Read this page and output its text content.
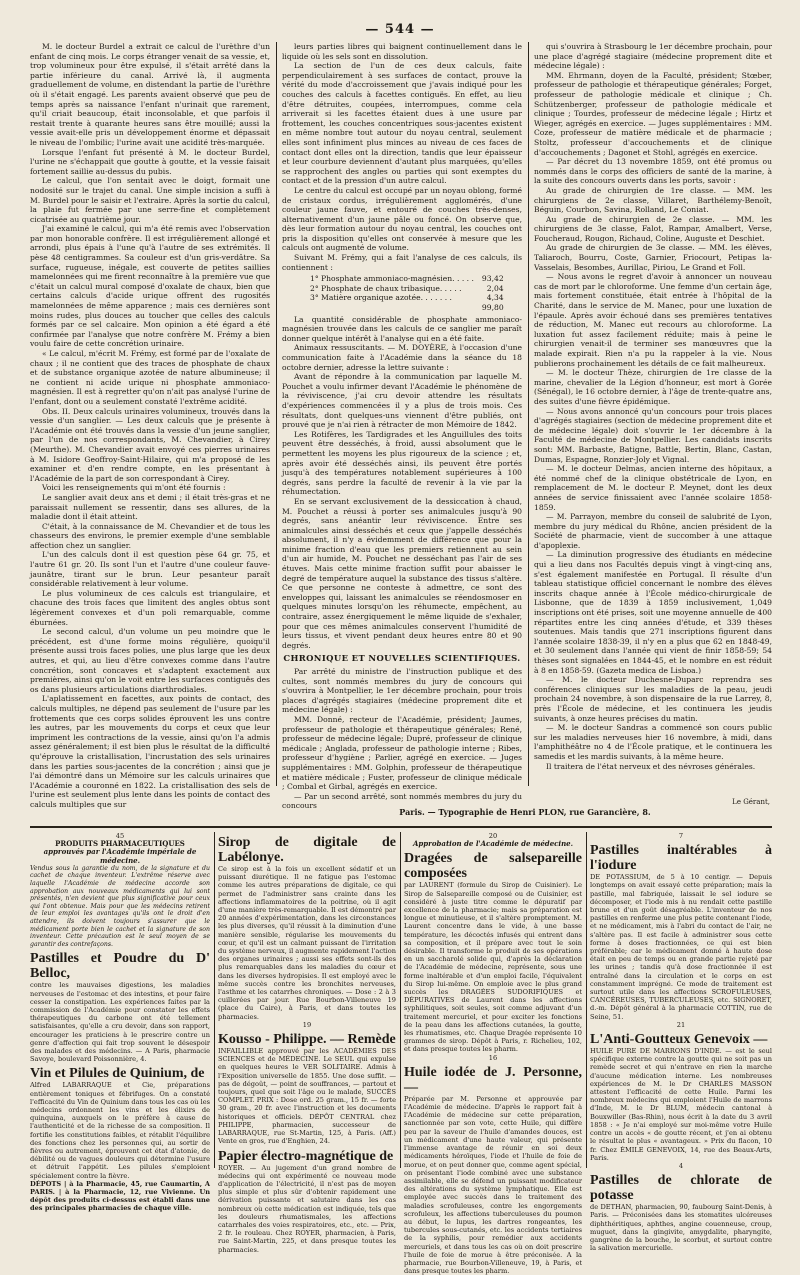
— 544 —

M. le docteur Burdel a extrait ce calcul de l'urèthre d'un enfant de cinq mois. Le corps étranger venait de sa vessie, et, trop volumineux pour être expulsé, il s'était arrêté dans la partie inférieure du canal. Arrivé là, il augmenta graduellement de volume, en distendant la partie de l'urèthre où il s'était engagé. Les parents avaient observé que peu de temps après sa naissance l'enfant n'urinait que rarement, qu'il criait beaucoup, était inconsolable, et que parfois il restait trente à quarante heures sans être mouillé; aussi la vessie avait-elle pris un développement énorme et dépassait le niveau de l'ombilic; l'urine avait une acidité très-marquée.

Lorsque l'enfant fut présenté à M. le docteur Burdel, l'urine ne s'échappait que goutte à goutte, et la vessie faisait fortement saillie au-dessus du pubis.

Le calcul, que l'on sentait avec le doigt, formait une nodosité sur le trajet du canal. Une simple incision a suffi à M. Burdel pour le saisir et l'extraire. Après la sortie du calcul, la plaie fut fermée par une serre-fine et complètement cicatrisée au quatrième jour.

J'ai examiné le calcul, qui m'a été remis avec l'observation par mon honorable confrère. Il est irrégulièrement allongé et arrondi, plus épais à l'une qu'à l'autre de ses extrémités. Il pèse 48 centigrammes. Sa couleur est d'un gris-verdâtre. Sa surface, rugueuse, inégale, est couverte de petites saillies mamelonnées qui me firent reconnaître à la première vue que c'était un calcul mural composé d'oxalate de chaux, bien que certains calculs d'acide urique offrent des rugosités mamelonnées de même apparence ; mais ces dernières sont moins rudes, plus douces au toucher que celles des calculs formés par ce sel calcaire. Mon opinion a été égard a été confirmée par l'analyse que notre confrère M. Frémy a bien voulu faire de cette concrétion urinaire.

« Le calcul, m'écrit M. Frémy, est formé par de l'oxalate de chaux ; il ne contient que des traces de phosphate de chaux et de substance organique azotée de nature albumineuse; il ne contient ni acide urique ni phosphate ammoniaco-magnésien. Il est à regretter qu'on n'ait pas analysé l'urine de l'enfant, dont ou a seulement constaté l'extrême acidité.

Obs. II. Deux calculs urinaires volumineux, trouvés dans la vessie d'un sanglier. — Les deux calculs que je présente à l'Académie ont été trouvés dans la vessie d'un jeune sanglier, par l'un de nos correspondants, M. Chevandier, à Cirey (Meurthe). M. Chevandier avait envoyé ces pierres urinaires à M. Isidore Geoffroy-Saint-Hilaire, qui m'a proposé de les examiner et d'en rendre compte, en les présentant à l'Académie de la part de son correspondant à Cirey.

Voici les renseignements qui m'ont été fournis :

Le sanglier avait deux ans et demi ; il était très-gras et ne paraissait nullement se ressentir, dans ses allures, de la maladie dont il était atteint.

C'était, à la connaissance de M. Chevandier et de tous les chasseurs des environs, le premier exemple d'une semblable affection chez un sanglier.

L'un des calculs dont il est question pèse 64 gr. 75, et l'autre 61 gr. 20. Ils sont l'un et l'autre d'une couleur fauve-jaunâtre, tirant sur le brun. Leur pesanteur paraît considérable relativement à leur volume.

Le plus volumineux de ces calculs est triangulaire, et chacune des trois faces que limitent des angles obtus sont légèrement convexes et d'un poli remarquable, comme éburnées.

Le second calcul, d'un volume un peu moindre que le précédent, est d'une forme moins régulière, quoiqu'il présente aussi trois faces polies, une plus large que les deux autres, et qui, au lieu d'être convexes comme dans l'autre concrétion, sont concaves et s'adaptent exactement aux premières, ainsi qu'on le voit entre les surfaces contiguës des os dans plusieurs articulations diarthrodiales.

L'aplatissement en facettes, aux points de contact, des calculs multiples, ne dépend pas seulement de l'usure par les frottements que ces corps solides éprouvent les uns contre les autres, par les mouvements du corps et ceux que leur impriment les contractions de la vessie, ainsi qu'on l'a admis assez généralement; il est bien plus le résultat de la difficulté qu'éprouve la cristallisation, l'incrustation des sels urinaires dans les parties sous-jacentes de la concrétion ; ainsi que je l'ai démontré dans un Mémoire sur les calculs urinaires que l'Académie a couronné en 1822. La cristallisation des sels de l'urine est seulement plus lente dans les points de contact des calculs multiples que sur

leurs parties libres qui baignent continuellement dans le liquide où les sels sont en dissolution.

La section de l'un de ces deux calculs, faite perpendiculairement à ses surfaces de contact, prouve la vérité du mode d'accroissement que j'avais indiqué pour les couches des calculs à facettes contiguës. En effet, au lieu d'être détruites, coupées, interrompues, comme cela arriverait si les facettes étaient dues à une usure par frottement, les couches concentriques sous-jacentes existent en même nombre tout autour du noyau central, seulement elles sont infiniment plus minces au niveau de ces faces de contact dont elles ont la direction, tandis que leur épaisseur et leur courbure deviennent d'autant plus marquées, qu'elles se rapprochent des angles ou parties qui sont exemptes du contact et de la pression d'un autre calcul.

Le centre du calcul est occupé par un noyau oblong, formé de cristaux cordus, irrégulièrement agglomérés, d'une couleur jaune fauve, et entouré de couches très-denses, alternativement d'un jaune pâle ou foncé. On observe que, dès leur formation autour du noyau central, les couches ont pris la disposition qu'elles ont conservée à mesure que les calculs ont augmenté de volume.

Suivant M. Frémy, qui a fait l'analyse de ces calculs, ils contiennent :

1° Phosphate ammoniaco-magnésien. . . . .	93,42
2° Phosphate de chaux tribasique. . . . .	2,04
3° Matière organique azotée. . . . . . .	4,34
	99,80

La quantité considérable de phosphate ammoniaco-magnésien trouvée dans les calculs de ce sanglier me paraît donner quelque intérêt à l'analyse qui en a été faite.

Animaux ressuscitants. — M. DOYÈRE, à l'occasion d'une communication faite à l'Académie dans la séance du 18 octobre dernier, adresse la lettre suivante :

Avant de répondre à la communication par laquelle M. Pouchet a voulu infirmer devant l'Académie le phénomène de la réviviscence, j'ai cru devoir attendre les résultats d'expériences commencées il y a plus de trois mois. Ces résultats, dont quelques-uns viennent d'être publiés, ont prouvé que je n'ai rien à rétracter de mon Mémoire de 1842.

Les Rotifères, les Tardigrades et les Anguillules des toits peuvent être desséchés, à froid, aussi absolument que le permettent les moyens les plus rigoureux de la science ; et, après avoir été desséchés ainsi, ils peuvent être portés jusqu'à des températures notablement supérieures à 100 degrés, sans perdre la faculté de revenir à la vie par la réhumectation.

En se servant exclusivement de la dessiccation à chaud, M. Pouchet a réussi à porter ses animalcules jusqu'à 90 degrés, sans anéantir leur réviviscence. Entre ses animalcules ainsi desséchés et ceux que j'appelle desséchés absolument, il n'y a évidemment de différence que pour la minime fraction d'eau que les premiers retiennent au sein d'un air humide, M. Pouchet ne desséchant pas l'air de ses étuves. Mais cette minime fraction suffit pour abaisser le degré de température auquel la substance des tissus s'altère. Ce que personne ne conteste à admettre, ce sont des enveloppes qui, laissant les animalcules se réendosmoser en quelques minutes lorsqu'on les réhumecte, empêchent, au contraire, assez énergiquement le même liquide de s'exhaler, pour que ces mêmes animalcules conservent l'humidité de leurs tissus, et vivent pendant deux heures entre 80 et 90 degrés.

CHRONIQUE ET NOUVELLES SCIENTIFIQUES.

Par arrêté du ministre de l'instruction publique et des cultes, sont nommés membres du jury de concours qui s'ouvrira à Montpellier, le 1er décembre prochain, pour trois places d'agrégés stagiaires (médecine proprement dite et médecine légale) :

MM. Donné, recteur de l'Académie, président; Jaumes, professeur de pathologie et thérapeutique générales; René, professeur de médecine légale; Dupré, professeur de clinique médicale ; Anglada, professeur de pathologie interne ; Ribes, professeur d'hygiène ; Parlier, agrégé en exercice. — Juges supplémentaires : MM. Golphin, professeur de thérapeutique et matière médicale ; Fuster, professeur de clinique médicale ; Combal et Girbal, agrégés en exercice.

— Par un second arrêté, sont nommés membres du jury du concours

qui s'ouvrira à Strasbourg le 1er décembre prochain, pour une place d'agrégé stagiaire (médecine proprement dite et médecine légale) :

MM. Ehrmann, doyen de la Faculté, président; Stœber, professeur de pathologie et thérapeutique générales; Forget, professeur de pathologie médicale et clinique ; Ch. Schützenberger, professeur de pathologie médicale et clinique ; Tourdes, professeur de médecine légale ; Hirtz et Wieger, agrégés en exercice. — Juges supplémentaires : MM. Coze, professeur de matière médicale et de pharmacie ; Stoltz, professeur d'accouchements et de clinique d'accouchements ; Dagonet et Stohl, agrégés en exercice.

— Par décret du 13 novembre 1859, ont été promus ou nommés dans le corps des officiers de santé de la marine, à la suite des concours ouverts dans les ports, savoir :

Au grade de chirurgien de 1re classe. — MM. les chirurgiens de 2e classe, Villaret, Barthélemy-Benoît, Béguin, Courbon, Savina, Rolland, Le Coniat.

Au grade de chirurgien de 2e classe. — MM. les chirurgiens de 3e classe, Falot, Rampar, Amalbert, Verse, Foucheraud, Rougon, Richaud, Coline, Auguste et Deschiet.

Au grade de chirurgien de 3e classe. — MM. les élèves, Taliaroch, Bourru, Coste, Garnier, Friocourt, Petipas la-Vasselais, Besombes, Aurillac, Piriou, Le Grand et Foll.

— Nous avons le regret d'avoir à annoncer un nouveau cas de mort par le chloroforme. Une femme d'un certain âge, mais fortement constituée, était entrée à l'hôpital de la Charité, dans le service de M. Manec, pour une luxation de l'épaule. Après avoir échoué dans ses premières tentatives de réduction, M. Manec eut recours au chloroforme. La luxation fut assez facilement réduite; mais à peine le chirurgien venait-il de terminer ses manœuvres que la malade expirait. Rien n'a pu la rappeler à la vie. Nous publierons prochainement les détails de ce fait malheureux.

— M. le docteur Thèze, chirurgien de 1re classe de la marine, chevalier de la Légion d'honneur, est mort à Gorée (Sénégal), le 16 octobre dernier, à l'âge de trente-quatre ans, des suites d'une fièvre épidémique.

— Nous avons annoncé qu'un concours pour trois places d'agrégés stagiaires (section de médecine proprement dite et de médecine légale) doit s'ouvrir le 1er décembre à la Faculté de médecine de Montpellier. Les candidats inscrits sont: MM. Barbaste, Batigne, Battle, Bertin, Blanc, Castan, Dumas, Espagne, Ronzier-Joly et Vignal.

— M. le docteur Delmas, ancien interne des hôpitaux, a été nommé chef de la clinique obstétricale de Lyon, en remplacement de M. le docteur P. Meynet, dont les deux années de service finissaient avec l'année scolaire 1858-1859.

— M. Parrayon, membre du conseil de salubrité de Lyon, membre du jury médical du Rhône, ancien président de la Société de pharmacie, vient de succomber à une attaque d'apoplexie.

— La diminution progressive des étudiants en médecine qui a lieu dans nos Facultés depuis vingt à vingt-cinq ans, s'est également manifestée en Portugal. Il résulte d'un tableau statistique officiel concernant le nombre des élèves inscrits chaque année à l'École médico-chirurgicale de Lisbonne, que de 1839 à 1859 inclusivement, 1,049 inscriptions ont été prises, soit une moyenne annuelle de 400 répartites entre les cinq années d'étude, et 339 thèses soutenues. Mais tandis que 271 inscriptions figurent dans l'année scolaire 1838-39, il n'y en a plus que 62 en 1848-49, et 30 seulement dans l'année qui vient de finir 1858-59; 54 thèses sont signalées en 1844-45, et le nombre en est réduit à 8 en 1858-59. (Gazeta medica de Lisboa.)

— M. le docteur Duchesne-Duparc reprendra ses conférences cliniques sur les maladies de la peau, jeudi prochain 24 novembre, à son dispensaire de la rue Larrey, 8, près l'École de médecine, et les continuera les jeudis suivants, à onze heures précises du matin.

— M. le docteur Sandras a commencé son cours public sur les maladies nerveuses hier 16 novembre, à midi, dans l'amphithéâtre no 4 de l'École pratique, et le continuera les samedis et les mardis suivants, à la même heure.

Il traitera de l'état nerveux et des névroses générales.

Le Gérant,
Paris. — Typographie de Henri PLON, rue Garancière, 8.
45
PRODUITS PHARMACEUTIQUES
approuvés par l'Académie impériale de médecine.

Vendus sous la garantie du nom, de la signature et du cachet de chaque inventeur. L'extrême réserve avec laquelle l'Académie de médecine accorde son approbation aux nouveaux médicaments qui lui sont présentés, n'en devient que plus significative pour ceux qui l'ont obtenue. Mais pour que les médecins retirent de leur emploi les avantages qu'ils ont le droit d'en attendre, ils doivent toujours s'assurer que le médicament porte bien le cachet et la signature de son inventeur. Cette précaution est le seul moyen de se garantir des contrefaçons.

Pastilles et Poudre du D' Belloc,

contre les mauvaises digestions, les maladies nerveuses de l'estomac et des intestins, et pour faire cesser la constipation. Les expériences faites par la commission de l'Académie pour constater les effets thérapeutiques du carbone ont été tellement satisfaisantes, qu'elle a cru devoir, dans son rapport, encourager les praticiens à le prescrire contre un genre d'affection qui fait trop souvent le désespoir des malades et des médecins. — A Paris, pharmacie Savoye, boulevard Poissonnière, 4.

Vin et Pilules de Quinium, de

Alfred LABARRAQUE et Cie, préparations entièrement toniques et fébrifuges. On a constaté l'efficacité du Vin de Quinium dans tous les cas où les médecins ordonnent les vins et les élixirs de quinquina, auxquels on le préfère à cause de l'authenticité et de la richesse de sa composition. Il fortifie les constitutions faibles, et rétablit l'équilibre des fonctions chez les personnes qui, au sortir de fièvres ou autrement, éprouvent cet état d'atonie, de débilité ou de vagues douleurs qui détermine l'usure et détruit l'appétit. Les pilules s'emploient spécialement contre la fièvre.

DÉPOTS | à la Pharmacie, 45, rue Caumartin, A PARIS. | à la Pharmacie, 12, rue Vivienne. Un dépôt des produits ci-dessus est établi dans une des principales pharmacies de chaque ville.

Sirop de digitale de Labélonye.

Ce sirop est à la fois un excellent sédatif et un puissant diurétique. Il ne fatigue pas l'estomac comme les autres préparations de digitale, ce qui permet de l'administrer sans crainte dans les affections inflammatoires de la poitrine, où il agit d'une manière très-remarquable. Il est démontré par 20 années d'expérimentation, dans les circonstances les plus diverses, qu'il réussit à la diminution d'une manière sensible, régularise les mouvements du cœur, et qu'il est un calmant puissant de l'irritation du système nerveux, il augmente rapidement l'action des organes urinaires ; aussi ses effets sont-ils des plus remarquables dans les maladies du cœur et dans les diverses hydropisies. Il est employé avec le même succès contre les bronchites nerveuses, l'asthme et les catarrhes chroniques. — Dose : 2 à 3 cuillerées par jour. Rue Bourbon-Villeneuve 19 (place du Caire), à Paris, et dans toutes les pharmacies.

19
Kousso - Philippe. — Remède

INFAILLIBLE approuvé par les ACADÉMIES DES SCIENCES et de MÉDECINE. Le SEUL qui expulse en quelques heures le VER SOLITAIRE. Admis à l'Exposition universelle de 1855. Une dose suffit. — pas de dégoût, — point de souffrances, — partout et toujours, quel que soit l'âge ou le malade, SUCCÈS COMPLET. PRIX : Dose ord. 25 gram., 15 fr. — forte 30 gram., 20 fr. avec l'instruction et les documents historiques et officiels. DÉPÔT CENTRAL chez PHILIPPE, pharmacien, successeur de LABARRAQUE, rue St-Martin, 125, à Paris. (Aff.) Vente en gros, rue d'Enghien, 24.

Papier électro-magnétique de

ROYER. — Au jugement d'un grand nombre de médecins qui ont expérimenté ce nouveau mode d'application de l'électricité, il n'est pas de moyen plus simple et plus sûr d'obtenir rapidement une dérivation puissante et salutaire dans les cas nombreux où cette médication est indiquée, tels que les douleurs rhumatismales, les affections catarrhales des voies respiratoires, etc., etc. — Prix, 2 fr. le rouleau. Chez ROYER, pharmacien, à Paris, rue Saint-Martin, 225, et dans presque toutes les pharmacies.

20
Approbation de l'Académie de médecine.
Dragées de salsepareille composées

par LAURENT (formule du Sirop de Cuisinier). Le Sirop de Salsepareille composé ou de Cuisinier, est considéré à juste titre comme le dépuratif par excellence de la pharmacie; mais sa préparation est longue et minutieuse, et il s'altère promptement. M. Laurent concentre dans le vide, à une basse température, les décoctés infusés qui entrent dans sa composition, et il prépare avec tout le soin désirable. Il transforme le produit de ses opérations en un saccharolé solide qui, d'après la déclaration de l'Académie de médecine, représente, sous une forme inaltérable et d'un emploi facile, l'équivalent du Sirop lui-même. On emploie avec le plus grand succès les DRAGÉES SUDORIFIQUES et DÉPURATIVES de Laurent dans les affections syphilitiques, soit seules, soit comme adjuvant d'un traitement mercuriel, et pour exciter les fonctions de la peau dans les affections cutanées, la goutte, les rhumatismes, etc. Chaque Dragée représente 10 grammes de sirop. Dépôt à Paris, r. Richelieu, 102, et dans presque toutes les pharm.

16
Huile iodée de J. Personne, —

Préparée par M. Personne et approuvée par l'Académie de médecine. D'après le rapport fait à l'Académie de médecine sur cette préparation, sanctionnée par son vote, cette Huile, qui diffère peu par la saveur de l'huile d'amandes douces, est un médicament d'une haute valeur, qui présente l'immense avantage de réunir en soi deux médicaments héroïques, l'iode et l'huile de foie de morue, et on peut donner que, comme agent spécial, on présentant l'iode combiné avec une substance assimilable, elle se défend un puissant modificateur des altérations du système lymphatique. Elle est employée avec succès dans le traitement des maladies scrofuleuses, contre les engorgements scrofuleux, les affections tuberculeuses du poumon au début, le lupus, les dartres rongeantes, les tubercules sous-cutanés, etc. les accidents tertiaires de la syphilis, pour remédier aux accidents mercuriels, et dans tous les cas où on doit prescrire l'huile de foie de morue à être préconisée. A la pharmacie, rue Bourbon-Villeneuve, 19, à Paris, et dans presque toutes les pharm.

7
Pastilles inaltérables à l'iodure

DE POTASSIUM, de 5 à 10 centigr. — Depuis longtemps on avait essayé cette préparation; mais la pastille, mal fabriquée, laissait le sel iodure se décomposer, et l'iode mis à nu rendait cette pastille brune et d'un goût désagréable. L'inventeur de nos pastilles en renferme une plus petite contenant l'iode, et ne médicament, mis à l'abri du contact de l'air, ne s'altère pas. Il est facile à administrer sous cette forme à doses fractionnées, ce qui est bien préférable; car le médicament donné à haute dose était en peu de temps ou en grande partie rejeté par les urines ; tandis qu'à dose fractionnée il est entraîné dans la circulation et le corps en est constamment imprégné. Ce mode de traitement est surtout utile dans les affections SCROFULEUSES, CANCÉREUSES, TUBERCULEUSES, etc. SIGNORET, d.-m. Dépôt général à la pharmacie COTTIN, rue de Seine, 51.

21
L'Anti-Goutteux Genevoix —

HUILE PURE DE MARRONS D'INDE. — est le seul spécifique externe contre la goutte qui ne soit pas un remède secret et qui n'entrave en rien la marche d'aucune médication interne. Les nombreuses expériences de M. le Dr CHARLES MASSON attestent l'efficacité de cette Huile. Parmi les nombreux médecins qui emploient l'Huile de marrons d'Inde, M. le Dr BLUM, médecin cantonal à Bouxwiller (Bas-Rhin), nous écrit à la date du 3 avril 1858 : « Je n'ai employé sur moi-même votre Huile contre un accès « de goutte récent, et j'en ai obtenu le résultat le plus « avantageux. » Prix du flacon, 10 fr. Chez ÉMILE GENEVOIX, 14, rue des Beaux-Arts, Paris.

4
Pastilles de chlorate de potasse

de DETHAN, pharmacien, 90, faubourg Saint-Denis, à Paris. — Préconisées dans les stomatites ulcéreuses diphthéritiques, aphthes, angine couenneuse, croup, muguet, dans la gingivite, amygdalite, pharyngite, gangrène de la bouche, le scorbut, et surtout contre la salivation mercurielle.
